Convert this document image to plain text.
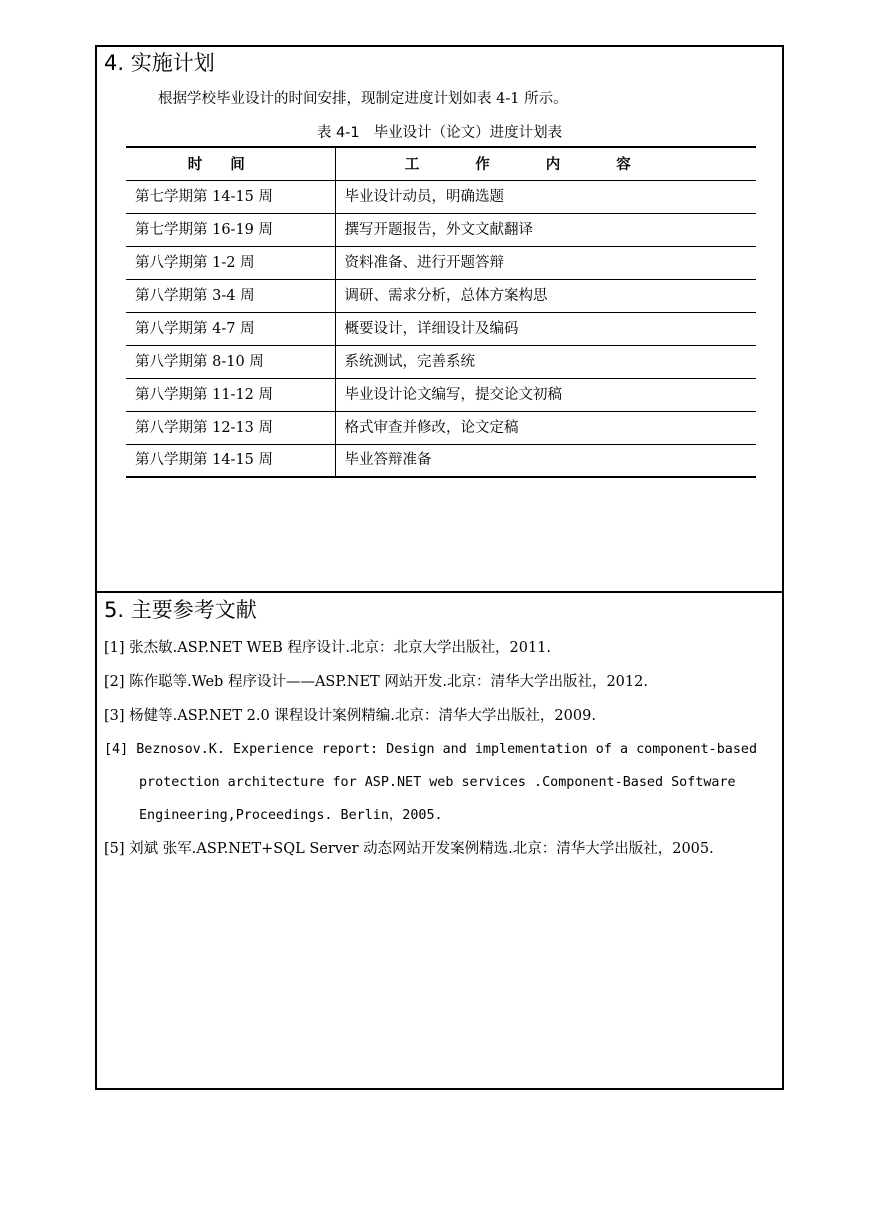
4. 实施计划
根据学校毕业设计的时间安排，现制定进度计划如表 4-1 所示。
表 4-1 毕业设计（论文）进度计划表
时间	工作内容
第七学期第 14-15 周	毕业设计动员，明确选题
第七学期第 16-19 周	撰写开题报告，外文文献翻译
第八学期第 1-2 周	资料准备、进行开题答辩
第八学期第 3-4 周	调研、需求分析，总体方案构思
第八学期第 4-7 周	概要设计，详细设计及编码
第八学期第 8-10 周	系统测试，完善系统
第八学期第 11-12 周	毕业设计论文编写，提交论文初稿
第八学期第 12-13 周	格式审查并修改，论文定稿
第八学期第 14-15 周	毕业答辩准备
5. 主要参考文献
[1] 张杰敏.ASP.NET WEB 程序设计.北京：北京大学出版社，2011.
[2] 陈作聪等.Web 程序设计——ASP.NET 网站开发.北京：清华大学出版社，2012.
[3] 杨健等.ASP.NET 2.0 课程设计案例精编.北京：清华大学出版社，2009.
[4] Beznosov.K. Experience report: Design and implementation of a component-based protection architecture for ASP.NET web services .Component-Based Software Engineering,Proceedings. Berlin，2005.
[5] 刘斌 张军.ASP.NET+SQL Server 动态网站开发案例精选.北京：清华大学出版社，2005.
